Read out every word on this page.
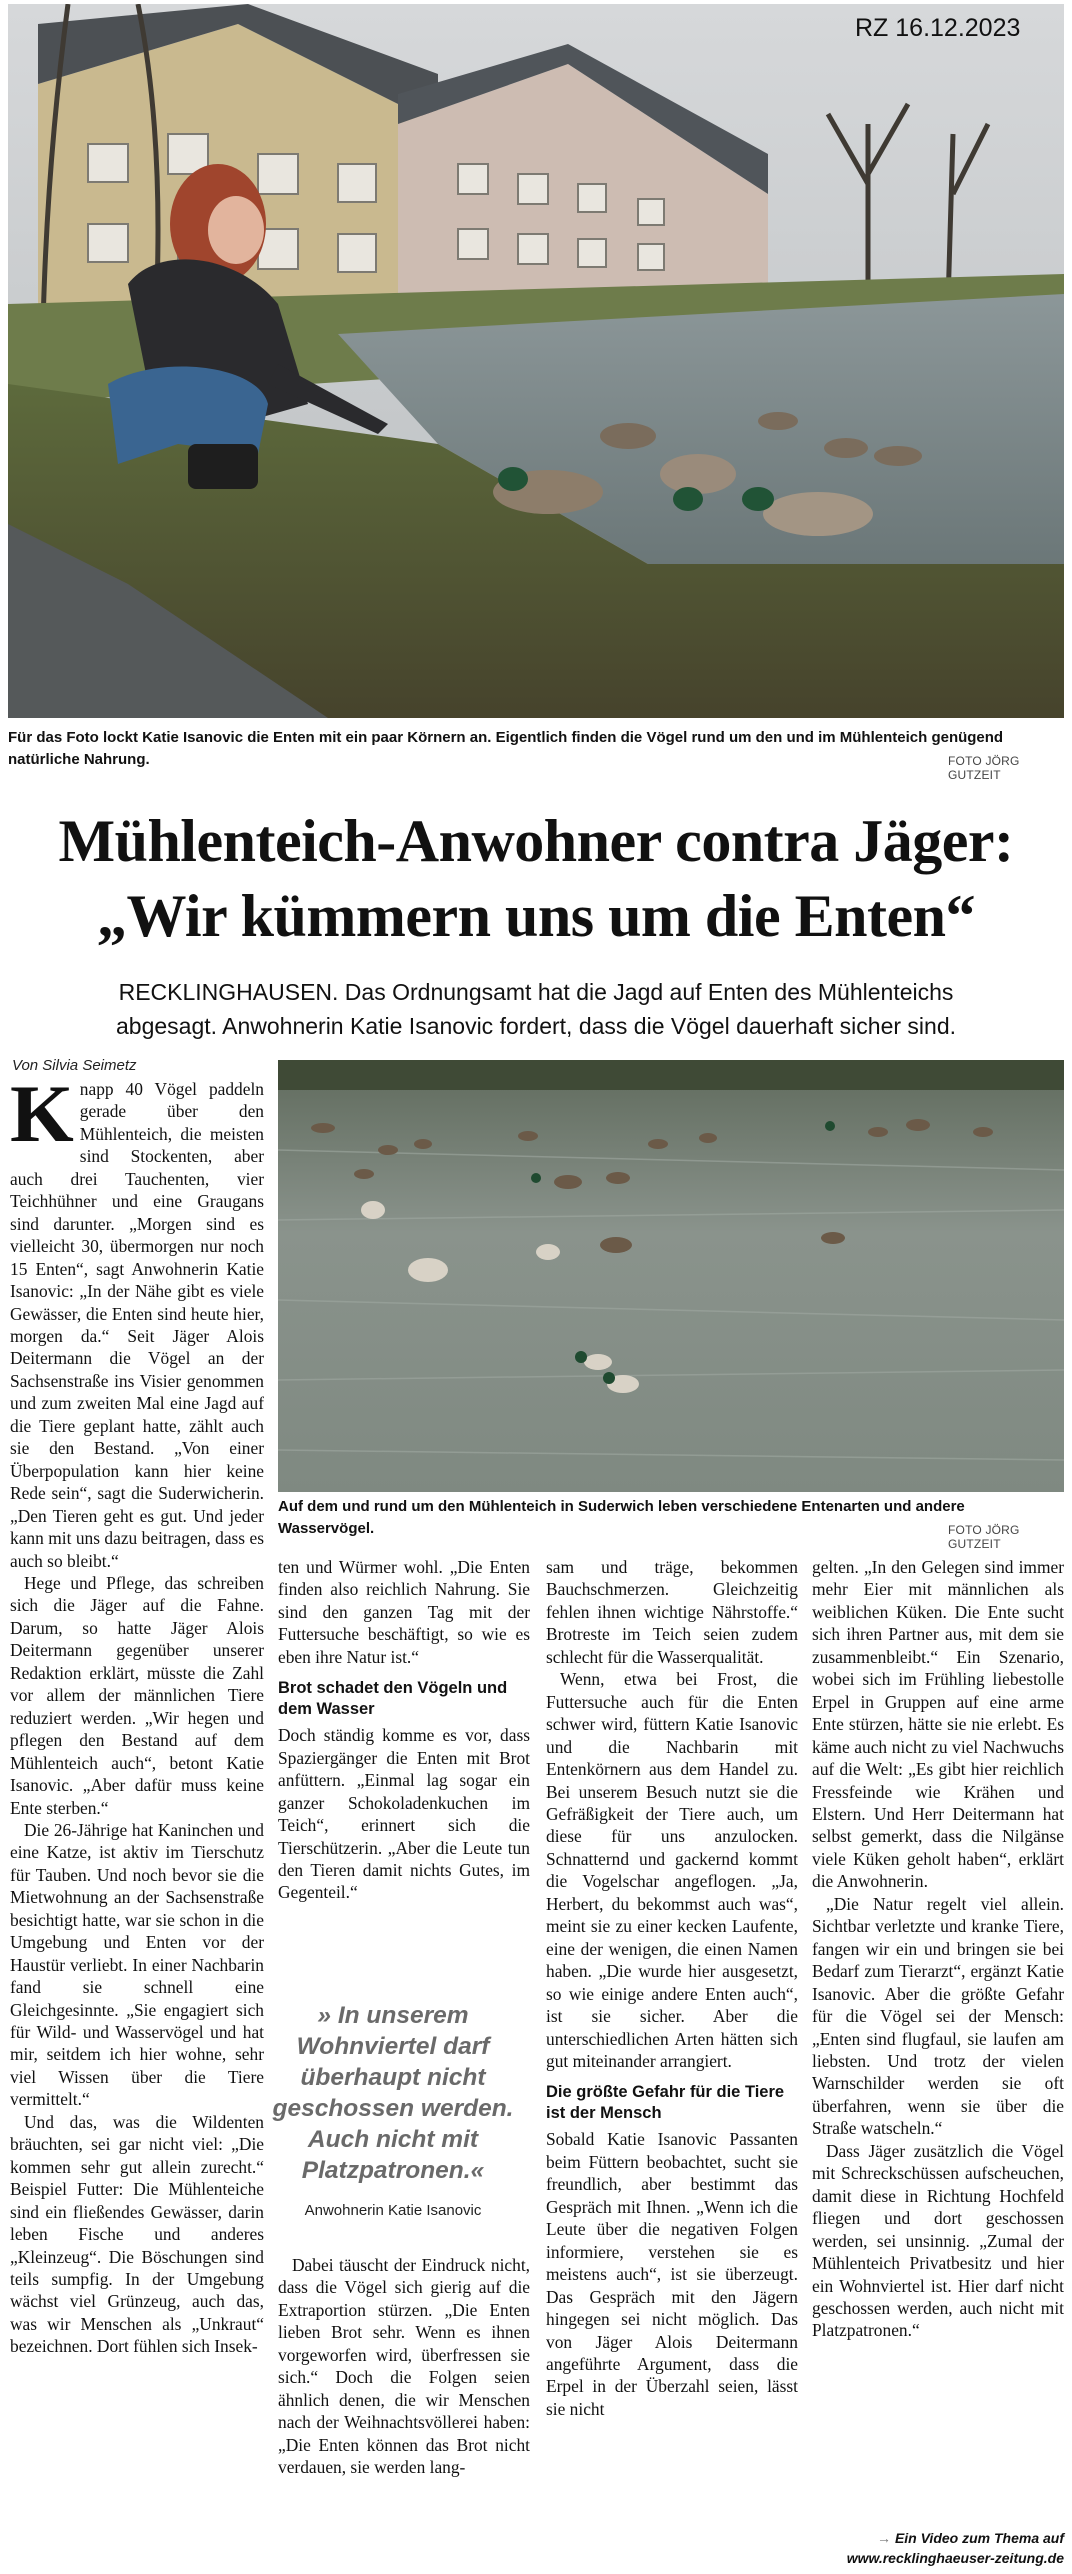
RZ 16.12.2023
Für das Foto lockt Katie Isanovic die Enten mit ein paar Körnern an. Eigentlich finden die Vögel rund um den und im Mühlenteich genügend natürliche Nahrung.	FOTO JÖRG GUTZEIT
Mühlenteich-Anwohner contra Jäger:
„Wir kümmern uns um die Enten“
RECKLINGHAUSEN. Das Ordnungsamt hat die Jagd auf Enten des Mühlenteichs
abgesagt. Anwohnerin Katie Isanovic fordert, dass die Vögel dauerhaft sicher sind.
Von Silvia Seimetz
Auf dem und rund um den Mühlenteich in Suderwich leben verschiedene Entenarten und andere Wasservögel.	FOTO JÖRG GUTZEIT
K napp 40 Vögel paddeln gerade über den Mühlenteich, die meisten sind Stockenten, aber auch drei Tauchenten, vier Teichhühner und eine Graugans sind darunter. „Morgen sind es vielleicht 30, übermorgen nur noch 15 Enten“, sagt Anwohnerin Katie Isanovic: „In der Nähe gibt es viele Gewässer, die Enten sind heute hier, morgen da.“ Seit Jäger Alois Deitermann die Vögel an der Sachsenstraße ins Visier genommen und zum zweiten Mal eine Jagd auf die Tiere geplant hatte, zählt auch sie den Bestand. „Von einer Überpopulation kann hier keine Rede sein“, sagt die Suderwicherin. „Den Tieren geht es gut. Und jeder kann mit uns dazu beitragen, dass es auch so bleibt.“

Hege und Pflege, das schreiben sich die Jäger auf die Fahne. Darum, so hatte Jäger Alois Deitermann gegenüber unserer Redaktion erklärt, müsste die Zahl vor allem der männlichen Tiere reduziert werden. „Wir hegen und pflegen den Bestand auf dem Mühlenteich auch“, betont Katie Isanovic. „Aber dafür muss keine Ente sterben.“

Die 26-Jährige hat Kaninchen und eine Katze, ist aktiv im Tierschutz für Tauben. Und noch bevor sie die Mietwohnung an der Sachsenstraße besichtigt hatte, war sie schon in die Umgebung und Enten vor der Haustür verliebt. In einer Nachbarin fand sie schnell eine Gleichgesinnte. „Sie engagiert sich für Wild- und Wasservögel und hat mir, seitdem ich hier wohne, sehr viel Wissen über die Tiere vermittelt.“

Und das, was die Wildenten bräuchten, sei gar nicht viel: „Die kommen sehr gut allein zurecht.“ Beispiel Futter: Die Mühlenteiche sind ein fließendes Gewässer, darin leben Fische und anderes „Kleinzeug“. Die Böschungen sind teils sumpfig. In der Umgebung wächst viel Grünzeug, auch das, was wir Menschen als „Unkraut“ bezeichnen. Dort fühlen sich Insek-

ten und Würmer wohl. „Die Enten finden also reichlich Nahrung. Sie sind den ganzen Tag mit der Futtersuche beschäftigt, so wie es eben ihre Natur ist.“

Brot schadet den Vögeln und dem Wasser

Doch ständig komme es vor, dass Spaziergänger die Enten mit Brot anfüttern. „Einmal lag sogar ein ganzer Schokoladenkuchen im Teich“, erinnert sich die Tierschützerin. „Aber die Leute tun den Tieren damit nichts Gutes, im Gegenteil.“

» In unserem Wohnviertel darf überhaupt nicht geschossen werden. Auch nicht mit Platzpatronen.«
Anwohnerin Katie Isanovic

Dabei täuscht der Eindruck nicht, dass die Vögel sich gierig auf die Extraportion stürzen. „Die Enten lieben Brot sehr. Wenn es ihnen vorgeworfen wird, überfressen sie sich.“ Doch die Folgen seien ähnlich denen, die wir Menschen nach der Weihnachtsvöllerei haben: „Die Enten können das Brot nicht verdauen, sie werden lang-

sam und träge, bekommen Bauchschmerzen. Gleichzeitig fehlen ihnen wichtige Nährstoffe.“ Brotreste im Teich seien zudem schlecht für die Wasserqualität.

Wenn, etwa bei Frost, die Futtersuche auch für die Enten schwer wird, füttern Katie Isanovic und die Nachbarin mit Entenkörnern aus dem Handel zu. Bei unserem Besuch nutzt sie die Gefräßigkeit der Tiere auch, um diese für uns anzulocken. Schnatternd und gackernd kommt die Vogelschar angeflogen. „Ja, Herbert, du bekommst auch was“, meint sie zu einer kecken Laufente, eine der wenigen, die einen Namen haben. „Die wurde hier ausgesetzt, so wie einige andere Enten auch“, ist sie sicher. Aber die unterschiedlichen Arten hätten sich gut miteinander arrangiert.

Die größte Gefahr für die Tiere ist der Mensch

Sobald Katie Isanovic Passanten beim Füttern beobachtet, sucht sie freundlich, aber bestimmt das Gespräch mit Ihnen. „Wenn ich die Leute über die negativen Folgen informiere, verstehen sie es meistens auch“, ist sie überzeugt. Das Gespräch mit den Jägern hingegen sei nicht möglich. Das von Jäger Alois Deitermann angeführte Argument, dass die Erpel in der Überzahl seien, lässt sie nicht

gelten. „In den Gelegen sind immer mehr Eier mit männlichen als weiblichen Küken. Die Ente sucht sich ihren Partner aus, mit dem sie zusammenbleibt.“ Ein Szenario, wobei sich im Frühling liebestolle Erpel in Gruppen auf eine arme Ente stürzen, hätte sie nie erlebt. Es käme auch nicht zu viel Nachwuchs auf die Welt: „Es gibt hier reichlich Fressfeinde wie Krähen und Elstern. Und Herr Deitermann hat selbst gemerkt, dass die Nilgänse viele Küken geholt haben“, erklärt die Anwohnerin.

„Die Natur regelt viel allein. Sichtbar verletzte und kranke Tiere, fangen wir ein und bringen sie bei Bedarf zum Tierarzt“, ergänzt Katie Isanovic. Aber die größte Gefahr für die Vögel sei der Mensch: „Enten sind flugfaul, sie laufen am liebsten. Und trotz der vielen Warnschilder werden sie oft überfahren, wenn sie über die Straße watscheln.“

Dass Jäger zusätzlich die Vögel mit Schreckschüssen aufscheuchen, damit diese in Richtung Hochfeld fliegen und dort geschossen werden, sei unsinnig. „Zumal der Mühlenteich Privatbesitz und hier ein Wohnviertel ist. Hier darf nicht geschossen werden, auch nicht mit Platzpatronen.“

→ Ein Video zum Thema auf
www.recklinghaeuser-zeitung.de
